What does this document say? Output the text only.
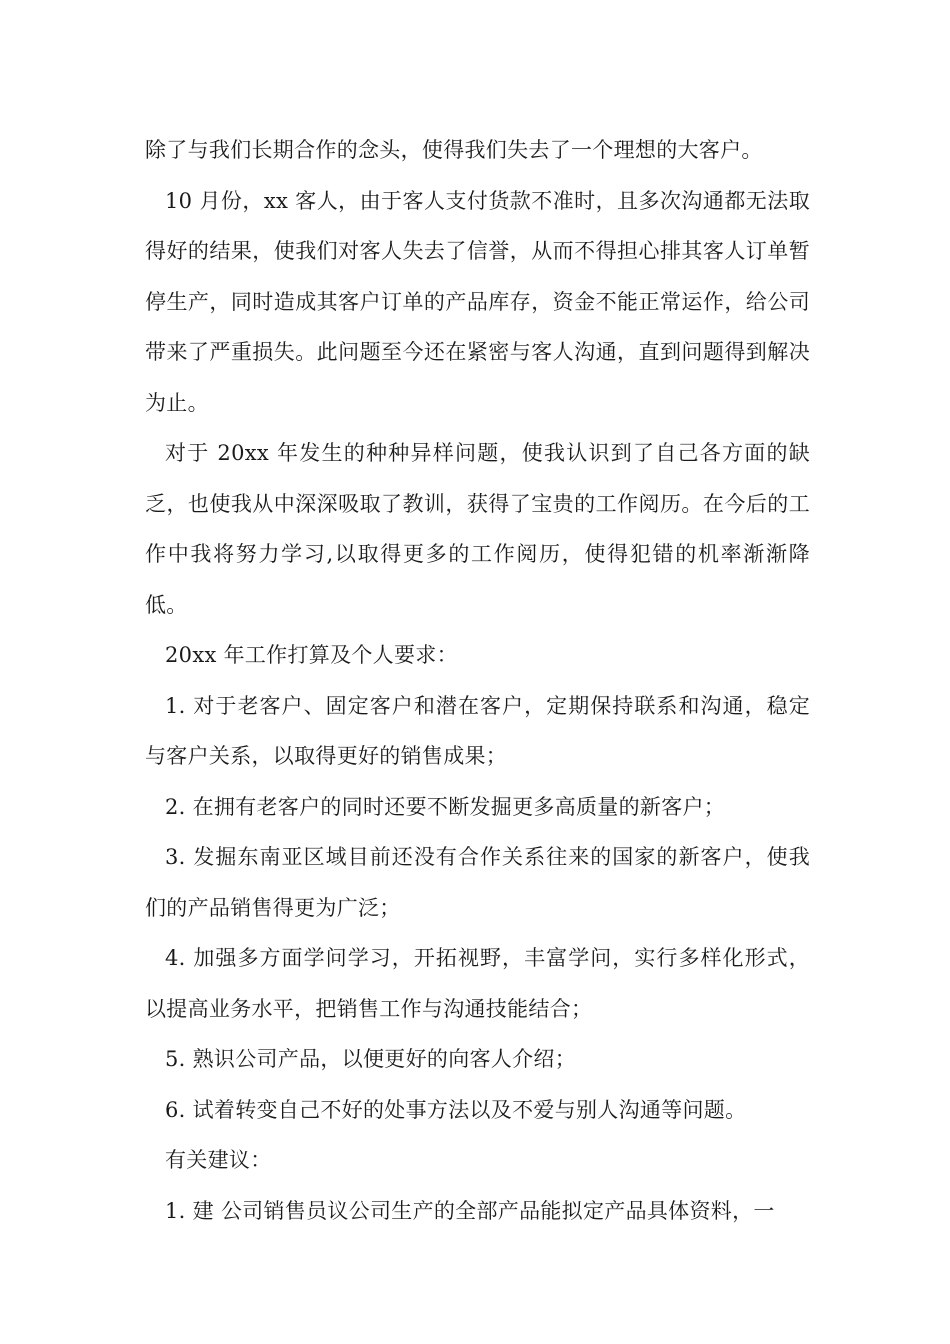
除了与我们长期合作的念头，使得我们失去了一个理想的大客户。

10 月份，xx 客人，由于客人支付货款不准时，且多次沟通都无法取得好的结果，使我们对客人失去了信誉，从而不得担心排其客人订单暂停生产，同时造成其客户订单的产品库存，资金不能正常运作，给公司带来了严重损失。此问题至今还在紧密与客人沟通，直到问题得到解决为止。

对于 20xx 年发生的种种异样问题，使我认识到了自己各方面的缺乏，也使我从中深深吸取了教训，获得了宝贵的工作阅历。在今后的工作中我将努力学习,以取得更多的工作阅历，使得犯错的机率渐渐降低。

20xx 年工作打算及个人要求：

1. 对于老客户、固定客户和潜在客户，定期保持联系和沟通，稳定与客户关系，以取得更好的销售成果；

2. 在拥有老客户的同时还要不断发掘更多高质量的新客户；

3. 发掘东南亚区域目前还没有合作关系往来的国家的新客户，使我们的产品销售得更为广泛；

4. 加强多方面学问学习，开拓视野，丰富学问，实行多样化形式，以提高业务水平，把销售工作与沟通技能结合；

5. 熟识公司产品，以便更好的向客人介绍；

6. 试着转变自己不好的处事方法以及不爱与别人沟通等问题。

有关建议：

1. 建 公司销售员议公司生产的全部产品能拟定产品具体资料，一
